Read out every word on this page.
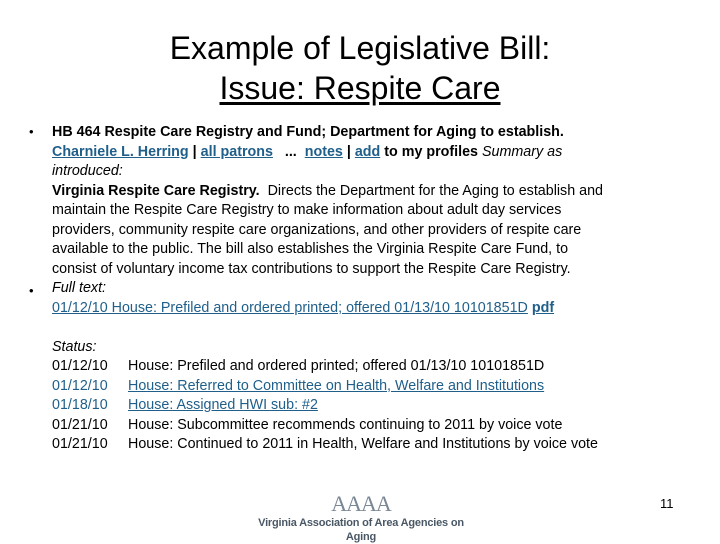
Example of Legislative Bill:
Issue: Respite Care
•
•
HB 464 Respite Care Registry and Fund; Department for Aging to establish.
Charniele L. Herring | all patrons ... notes | add to my profiles Summary as
introduced:
Virginia Respite Care Registry. Directs the Department for the Aging to establish and
maintain the Respite Care Registry to make information about adult day services
providers, community respite care organizations, and other providers of respite care
available to the public. The bill also establishes the Virginia Respite Care Fund, to
consist of voluntary income tax contributions to support the Respite Care Registry.
Full text:
01/12/10 House: Prefiled and ordered printed; offered 01/13/10 10101851D pdf
Status:
01/12/10 House: Prefiled and ordered printed; offered 01/13/10 10101851D
01/12/10 House: Referred to Committee on Health, Welfare and Institutions
01/18/10 House: Assigned HWI sub: #2
01/21/10 House: Subcommittee recommends continuing to 2011 by voice vote
01/21/10 House: Continued to 2011 in Health, Welfare and Institutions by voice vote
AAAA
Virginia Association of Area Agencies on Aging
11
